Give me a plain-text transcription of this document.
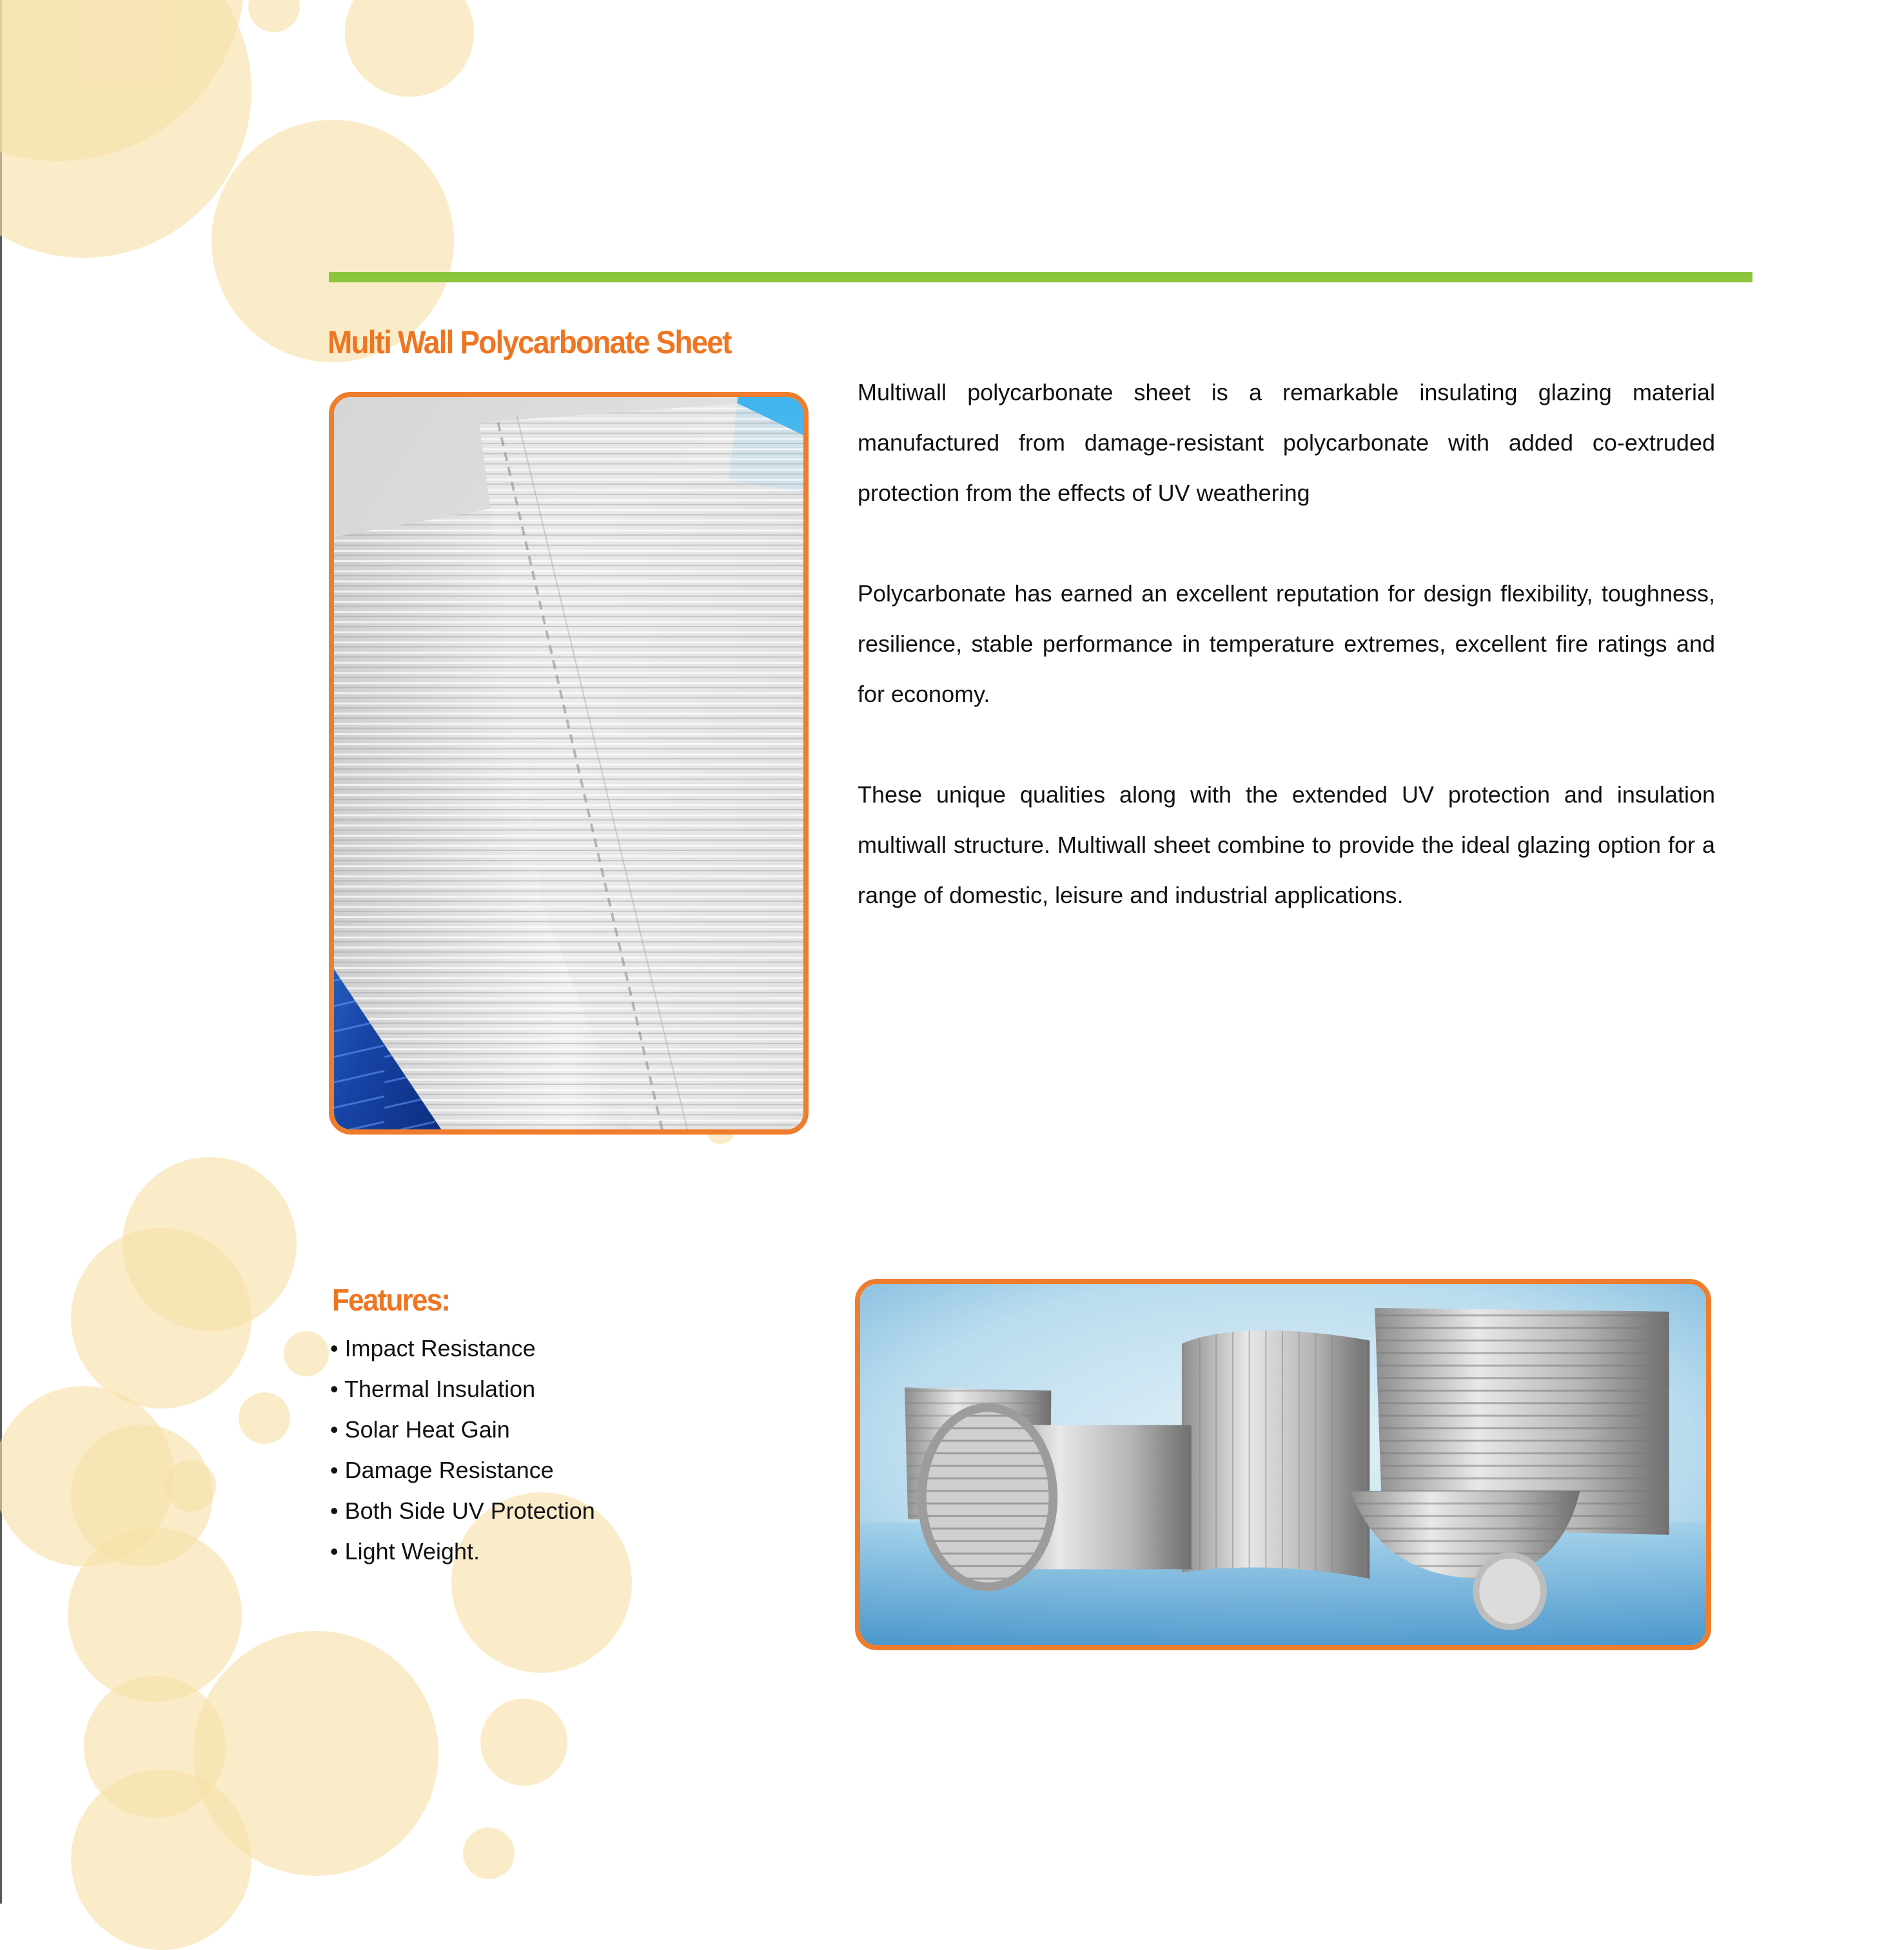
Multi Wall Polycarbonate Sheet

Multiwall polycarbonate sheet is a remarkable insulating glazing material manufactured from damage-resistant polycarbonate with added co-extruded protection from the effects of UV weathering

Polycarbonate has earned an excellent reputation for design flexibility, toughness, resilience, stable performance in temperature extremes, excellent fire ratings and for economy.

These unique qualities along with the extended UV protection and insulation multiwall structure. Multiwall sheet combine to provide the ideal glazing option for a range of domestic, leisure and industrial applications.

Features:
• Impact Resistance
• Thermal Insulation
• Solar Heat Gain
• Damage Resistance
• Both Side UV Protection
• Light Weight.
